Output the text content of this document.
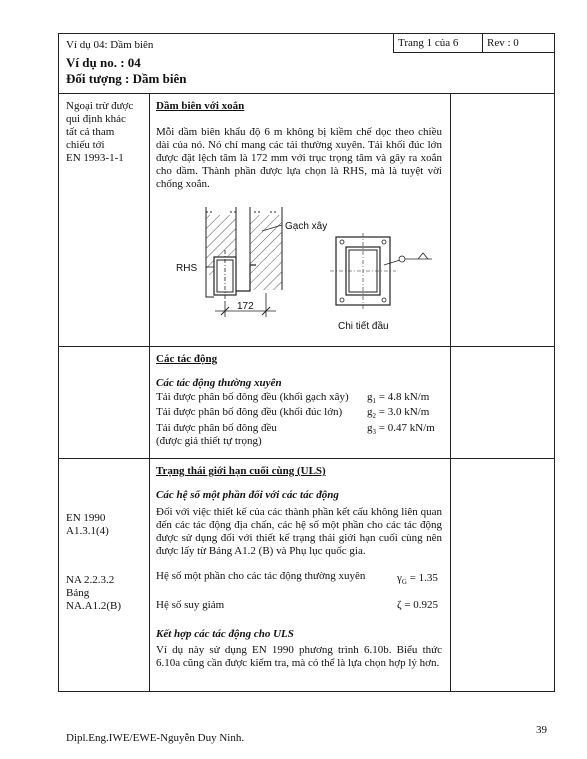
Ví dụ 04: Dầm biên	Trang 1 của 6	Rev : 0
Ví dụ no. : 04
Đối tượng : Dầm biên
Ngoại trừ được
qui định khác
tất cả tham
chiếu tới
EN 1993-1-1
Dầm biên với xoắn
Mỗi dầm biên khẩu độ 6 m không bị kiềm chế dọc theo chiều dài của nó. Nó chỉ mang các tải thường xuyên. Tải khối đúc lớn được đặt lệch tâm là 172 mm với trục trọng tâm và gây ra xoắn cho dầm. Thành phần được lựa chọn là RHS, mà là tuyệt vời chống xoắn.
Gạch xây
RHS
172
Chi tiết đầu
Các tác động
Các tác động thường xuyên
Tải được phân bố đông đều (khối gạch xây) $g_1 = 4.8$ kN/m
Tải được phân bố đông đều (khối đúc lớn) $g_2 = 3.0$ kN/m
Tải được phân bố đông đều	$g_3 = 0.47$ kN/m
(được giả thiết tự trọng)
Trạng thái giới hạn cuối cùng (ULS)
Các hệ số một phần đối với các tác động
EN 1990
A1.3.1(4)
Đối với việc thiết kế của các thành phần kết cấu không liên quan đến các tác động địa chấn, các hệ số một phần cho các tác động được sử dụng đối với thiết kế trạng thái giới hạn cuối cùng nên được lấy từ Bảng A1.2 (B) và Phụ lục quốc gia.
NA 2.2.3.2
Bảng
NA.A1.2(B)
Hệ số một phần cho các tác động thường xuyên	$\gamma_G = 1.35$
Hệ số suy giảm	ζ = 0.925
Kết hợp các tác động cho ULS
Ví dụ này sử dụng EN 1990 phương trình 6.10b. Biểu thức 6.10a cũng cần được kiểm tra, mà có thể là lựa chọn hợp lý hơn.
Dipl.Eng.IWE/EWE-Nguyễn Duy Ninh.
39
